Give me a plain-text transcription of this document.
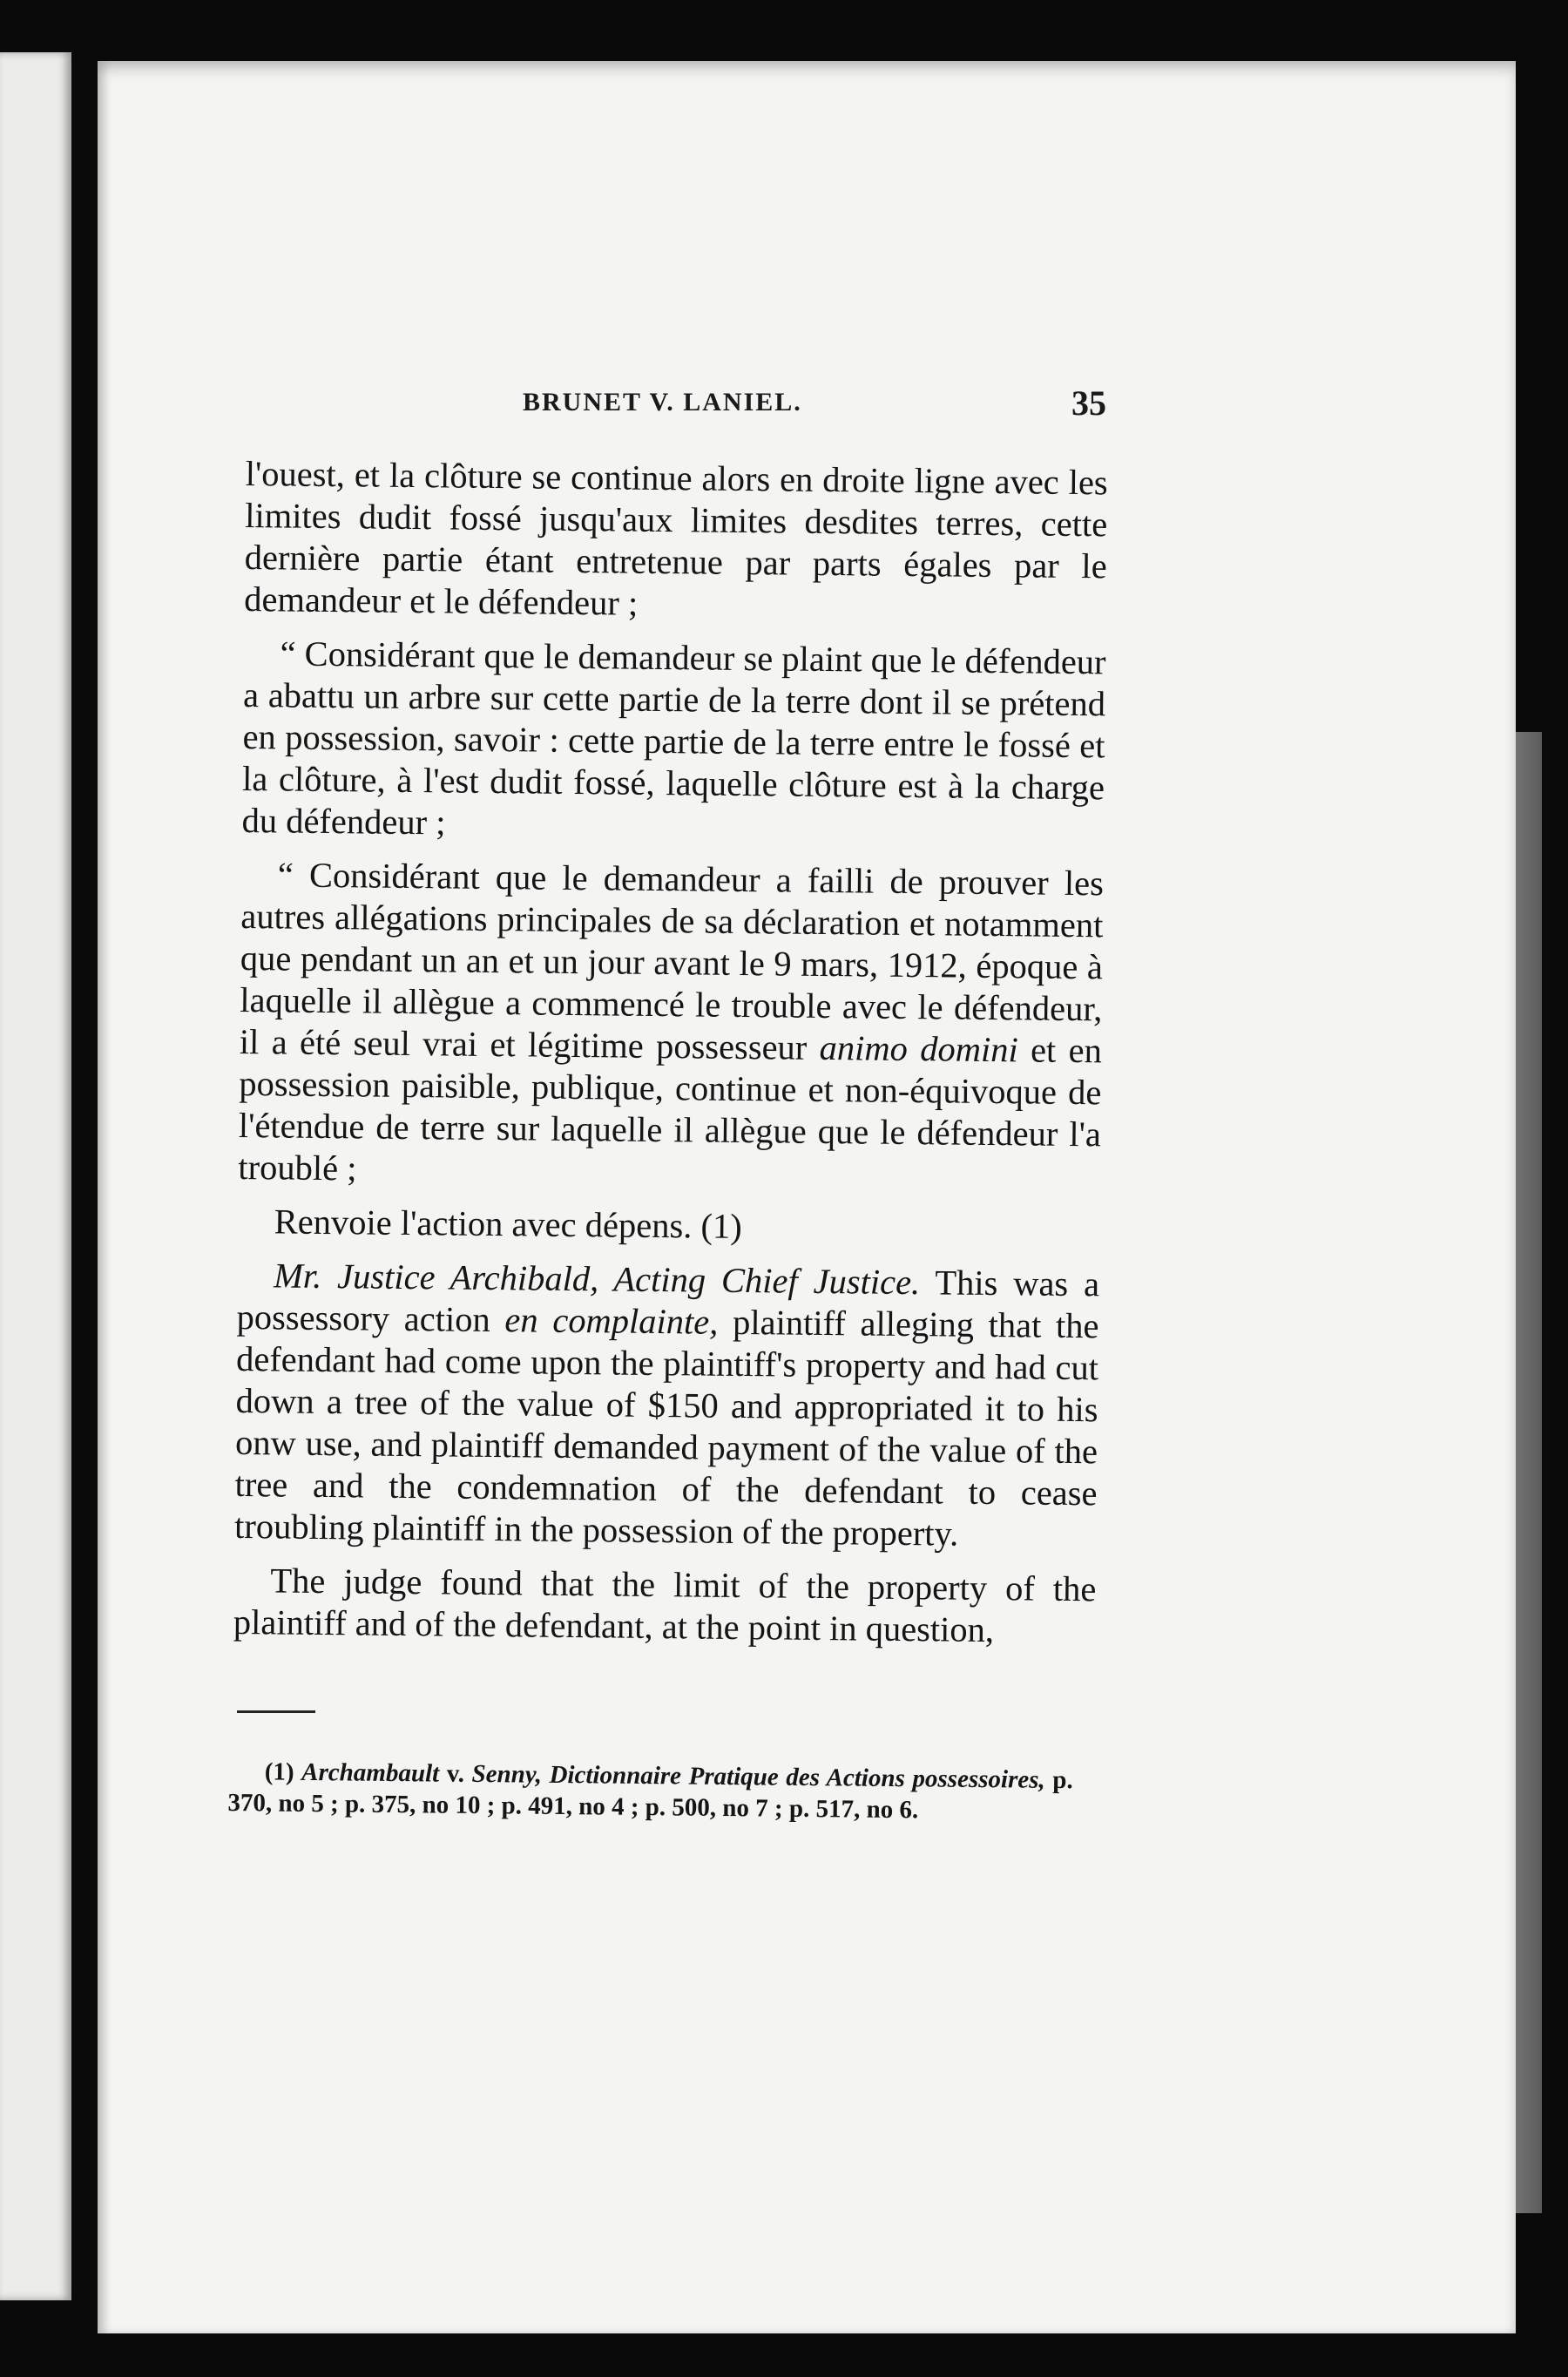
BRUNET V. LANIEL.	35

l'ouest, et la clôture se continue alors en droite ligne avec les limites dudit fossé jusqu'aux limites desdites terres, cette dernière partie étant entretenue par parts égales par le demandeur et le défendeur ;

“ Considérant que le demandeur se plaint que le défendeur a abattu un arbre sur cette partie de la terre dont il se prétend en possession, savoir : cette partie de la terre entre le fossé et la clôture, à l'est dudit fossé, laquelle clôture est à la charge du défendeur ;

“ Considérant que le demandeur a failli de prouver les autres allégations principales de sa déclaration et notamment que pendant un an et un jour avant le 9 mars, 1912, époque à laquelle il allègue a commencé le trouble avec le défendeur, il a été seul vrai et légitime possesseur animo domini et en possession paisible, publique, continue et non-équivoque de l'étendue de terre sur laquelle il allègue que le défendeur l'a troublé ;

Renvoie l'action avec dépens. (1)

Mr. Justice Archibald, Acting Chief Justice. This was a possessory action en complainte, plaintiff alleging that the defendant had come upon the plaintiff's property and had cut down a tree of the value of $150 and appropriated it to his onw use, and plaintiff demanded payment of the value of the tree and the condemnation of the defendant to cease troubling plaintiff in the possession of the property.

The judge found that the limit of the property of the plaintiff and of the defendant, at the point in question,

(1) Archambault v. Senny, Dictionnaire Pratique des Actions possessoires, p. 370, no 5 ; p. 375, no 10 ; p. 491, no 4 ; p. 500, no 7 ; p. 517, no 6.
